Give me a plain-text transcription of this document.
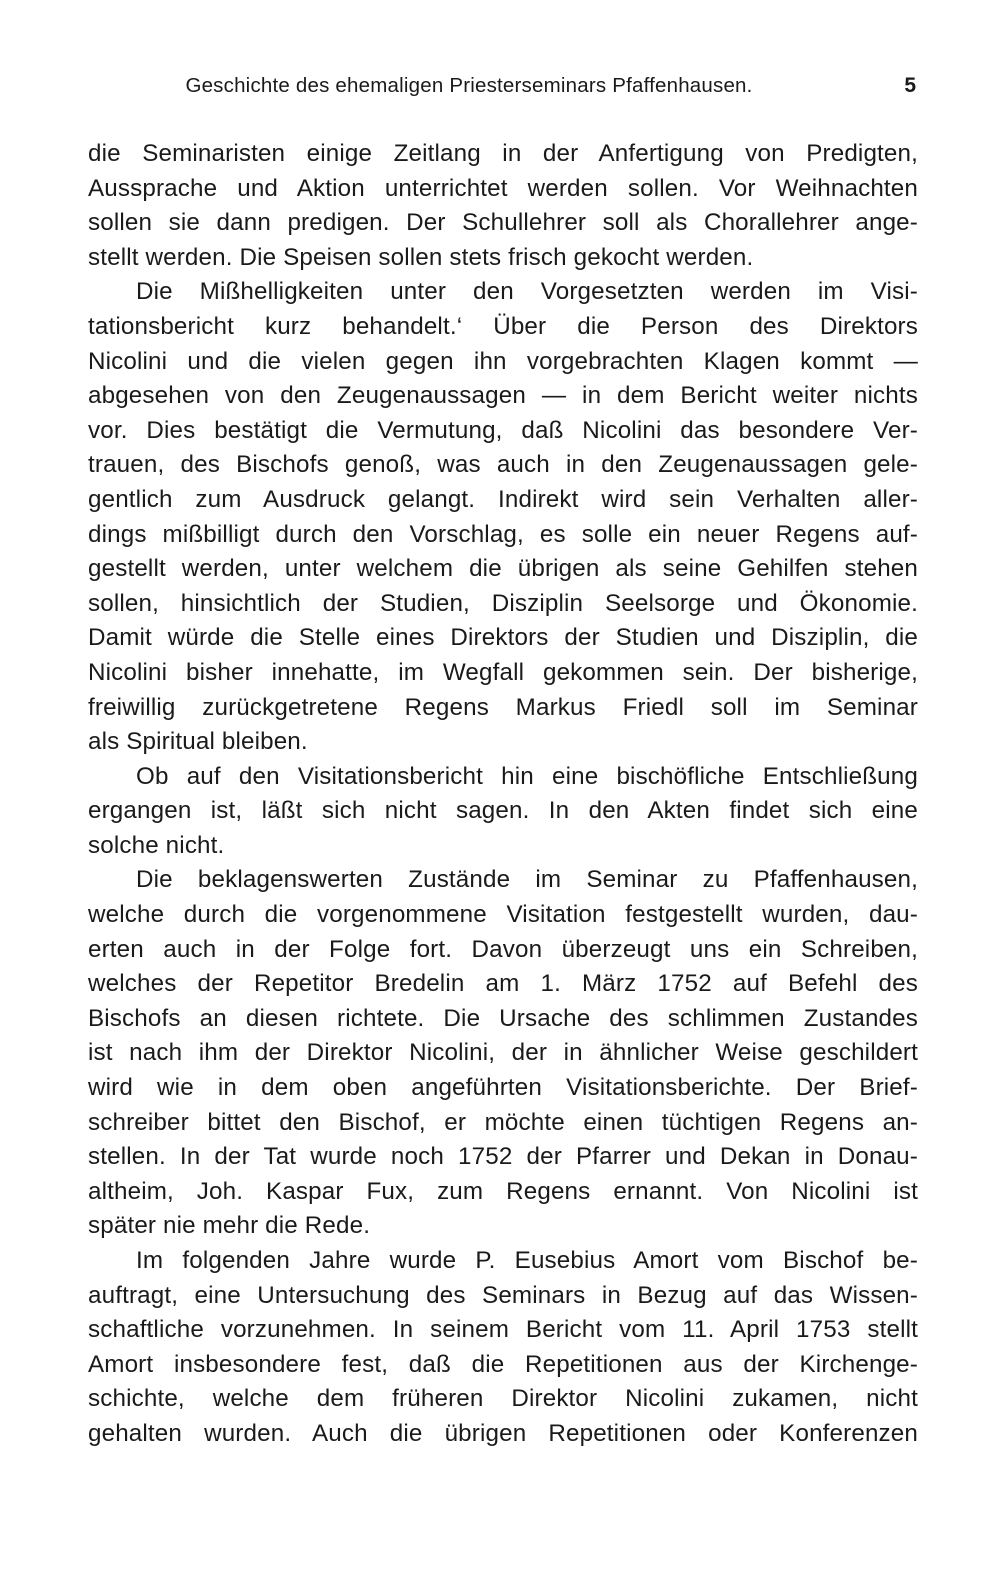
Geschichte des ehemaligen Priesterseminars Pfaffenhausen.	5

die Seminaristen einige Zeitlang in der Anfertigung von Predigten,
Aussprache und Aktion unterrichtet werden sollen. Vor Weihnachten
sollen sie dann predigen. Der Schullehrer soll als Chorallehrer ange-
stellt werden. Die Speisen sollen stets frisch gekocht werden.

Die Mißhelligkeiten unter den Vorgesetzten werden im Visi-
tationsbericht kurz behandelt.‘ Über die Person des Direktors
Nicolini und die vielen gegen ihn vorgebrachten Klagen kommt —
abgesehen von den Zeugenaussagen — in dem Bericht weiter nichts
vor. Dies bestätigt die Vermutung, daß Nicolini das besondere Ver-
trauen, des Bischofs genoß, was auch in den Zeugenaussagen gele-
gentlich zum Ausdruck gelangt. Indirekt wird sein Verhalten aller-
dings mißbilligt durch den Vorschlag, es solle ein neuer Regens auf-
gestellt werden, unter welchem die übrigen als seine Gehilfen stehen
sollen, hinsichtlich der Studien, Disziplin Seelsorge und Ökonomie.
Damit würde die Stelle eines Direktors der Studien und Disziplin, die
Nicolini bisher innehatte, im Wegfall gekommen sein. Der bisherige,
freiwillig zurückgetretene Regens Markus Friedl soll im Seminar
als Spiritual bleiben.

Ob auf den Visitationsbericht hin eine bischöfliche Entschließung
ergangen ist, läßt sich nicht sagen. In den Akten findet sich eine
solche nicht.

Die beklagenswerten Zustände im Seminar zu Pfaffenhausen,
welche durch die vorgenommene Visitation festgestellt wurden, dau-
erten auch in der Folge fort. Davon überzeugt uns ein Schreiben,
welches der Repetitor Bredelin am 1. März 1752 auf Befehl des
Bischofs an diesen richtete. Die Ursache des schlimmen Zustandes
ist nach ihm der Direktor Nicolini, der in ähnlicher Weise geschildert
wird wie in dem oben angeführten Visitationsberichte. Der Brief-
schreiber bittet den Bischof, er möchte einen tüchtigen Regens an-
stellen. In der Tat wurde noch 1752 der Pfarrer und Dekan in Donau-
altheim, Joh. Kaspar Fux, zum Regens ernannt. Von Nicolini ist
später nie mehr die Rede.

Im folgenden Jahre wurde P. Eusebius Amort vom Bischof be-
auftragt, eine Untersuchung des Seminars in Bezug auf das Wissen-
schaftliche vorzunehmen. In seinem Bericht vom 11. April 1753 stellt
Amort insbesondere fest, daß die Repetitionen aus der Kirchenge-
schichte, welche dem früheren Direktor Nicolini zukamen, nicht
gehalten wurden. Auch die übrigen Repetitionen oder Konferenzen
